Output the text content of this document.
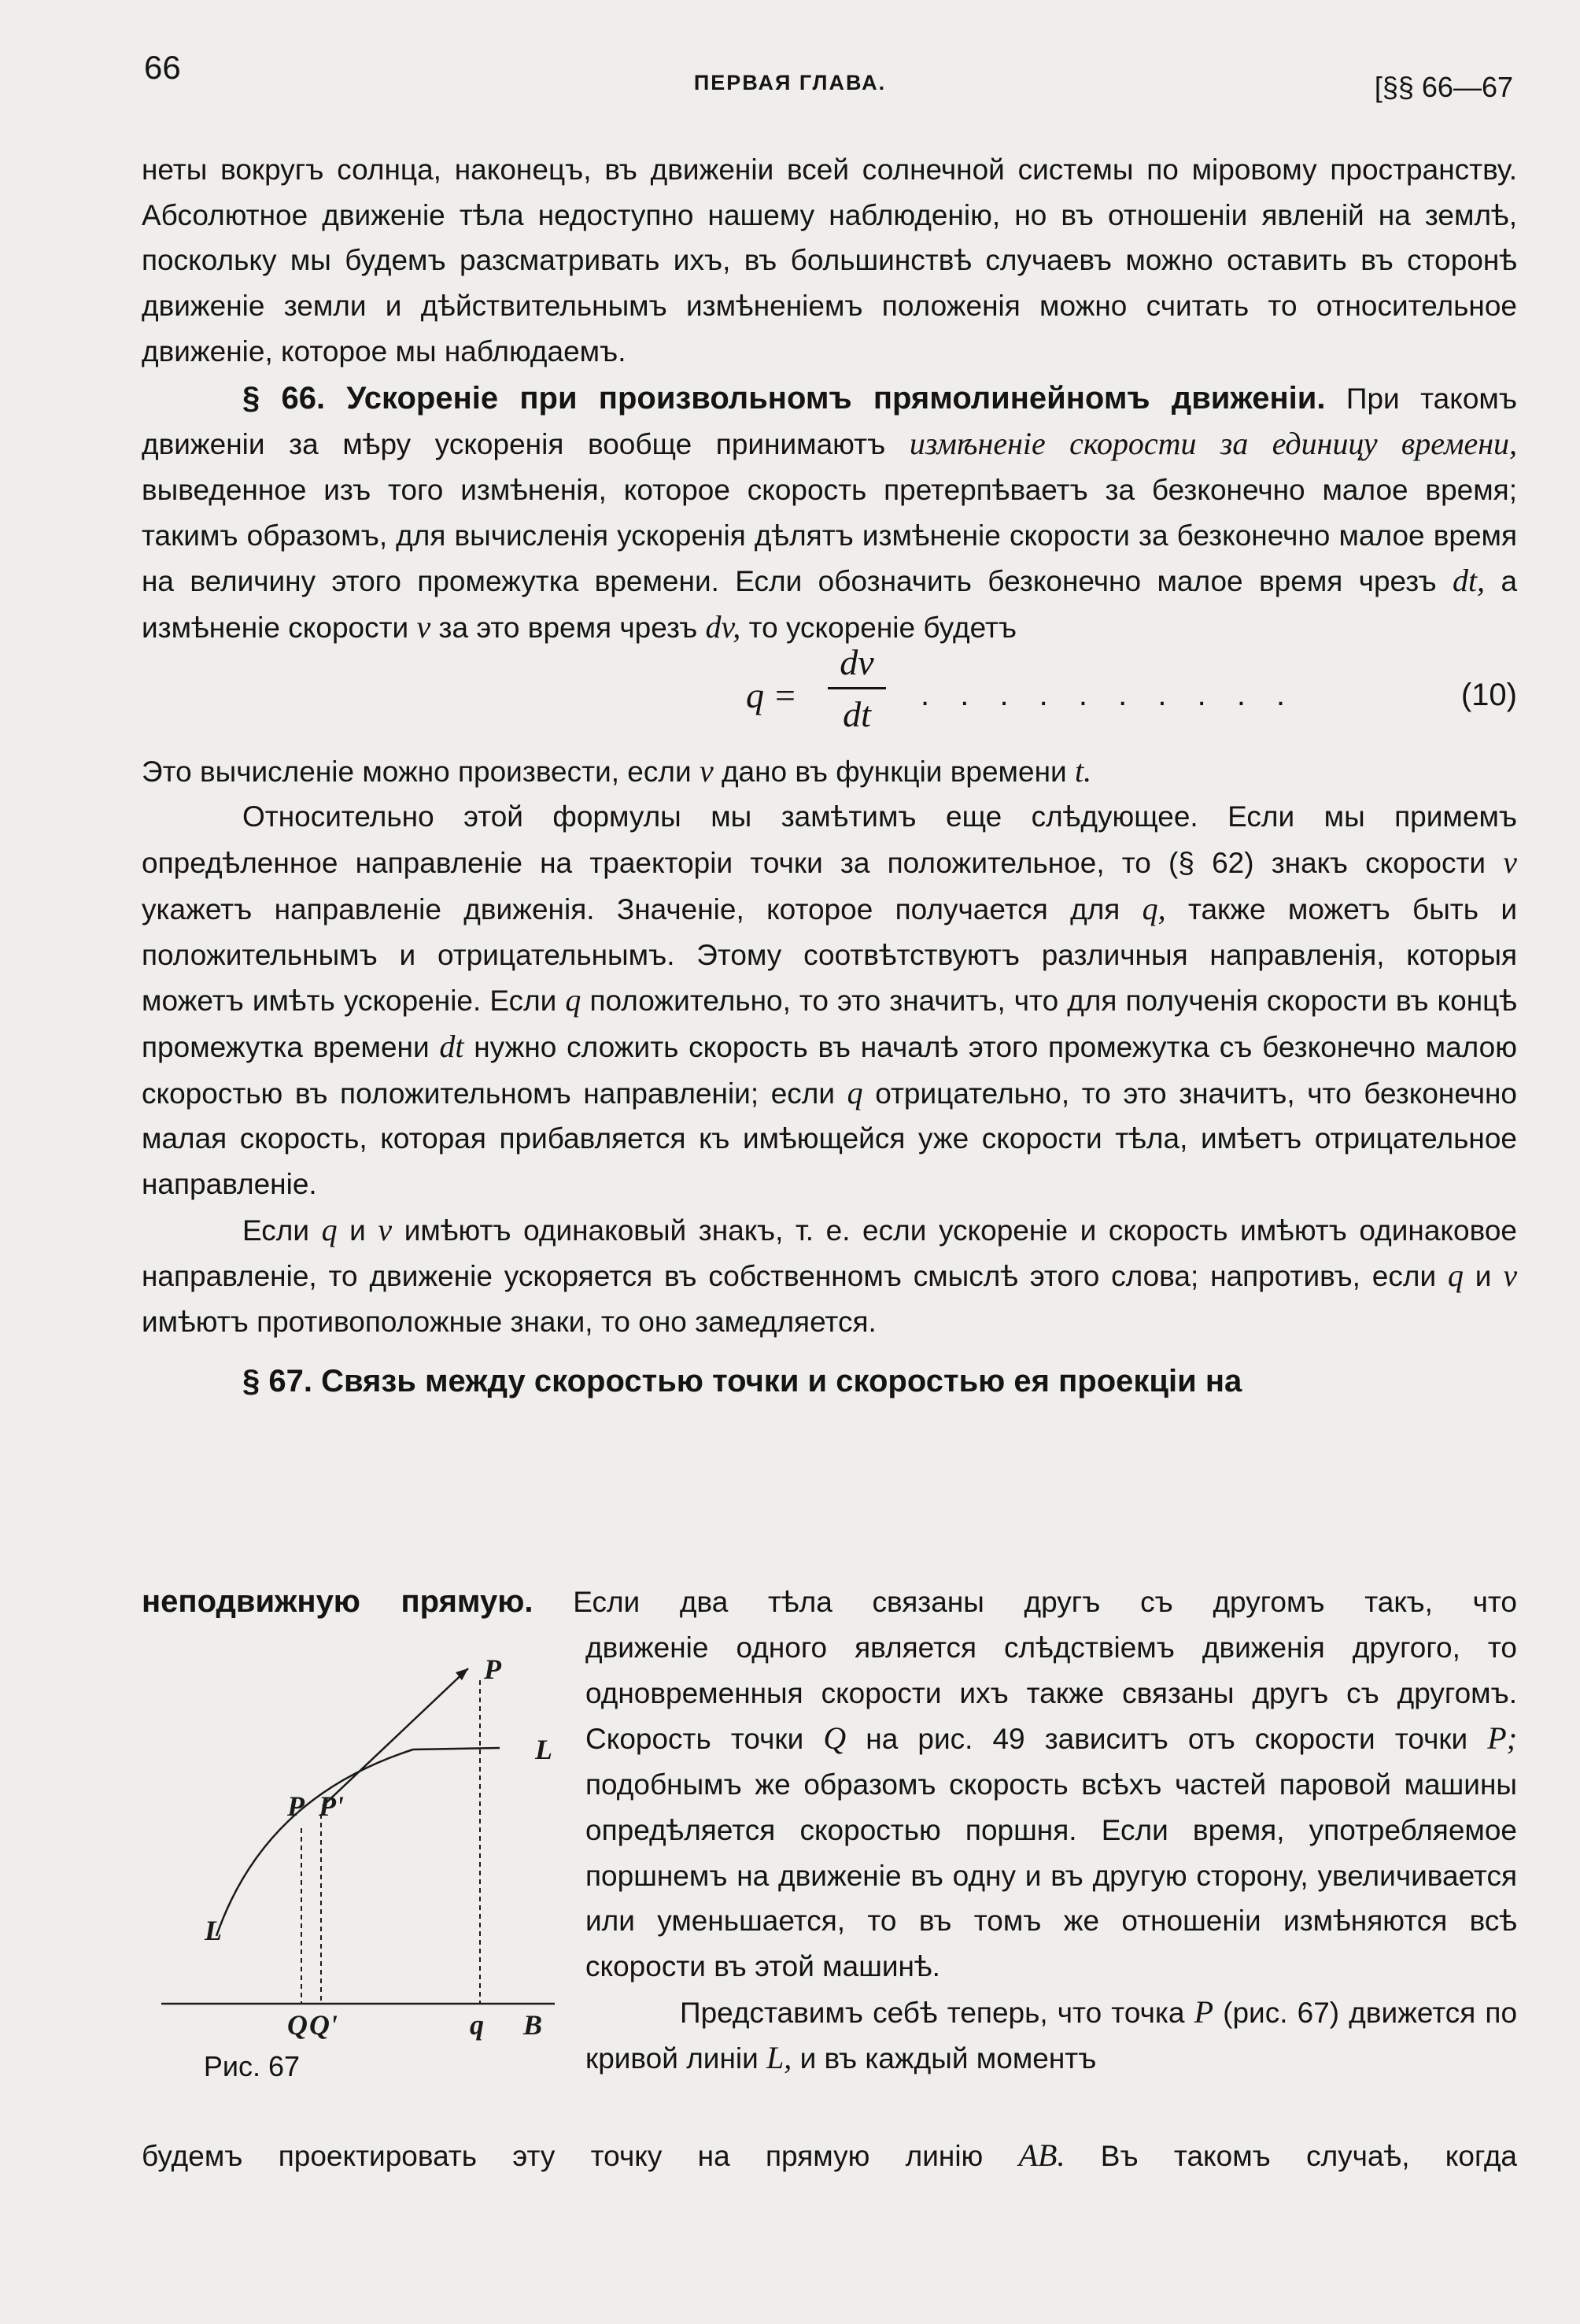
66	ПЕРВАЯ ГЛАВА.	[§§ 66—67

неты вокругъ солнца, наконецъ, въ движеніи всей солнечной системы по міровому пространству. Абсолютное движеніе тѣла недоступно нашему наблюденію, но въ отношеніи явленій на землѣ, поскольку мы будемъ разсматривать ихъ, въ большинствѣ случаевъ можно оставить въ сторонѣ движеніе земли и дѣйствительнымъ измѣненіемъ положенія можно считать то относительное движеніе, которое мы наблюдаемъ.

§ 66. Ускореніе при произвольномъ прямолинейномъ движеніи. При такомъ движеніи за мѣру ускоренія вообще принимаютъ измѣненіе скорости за единицу времени, выведенное изъ того измѣненія, которое скорость претерпѣваетъ за безконечно малое время; такимъ образомъ, для вычисленія ускоренія дѣлятъ измѣненіе скорости за безконечно малое время на величину этого промежутка времени. Если обозначить безконечно малое время чрезъ dt, а измѣненіе скорости v за это время чрезъ dv, то ускореніе будетъ

q =
dv
dt	. . . . . . . . . .	(10)

Это вычисленіе можно произвести, если v дано въ функціи времени t.

Относительно этой формулы мы замѣтимъ еще слѣдующее. Если мы примемъ опредѣленное направленіе на траекторіи точки за положительное, то (§ 62) знакъ скорости v укажетъ направленіе движенія. Значеніе, которое получается для q, также можетъ быть и положительнымъ и отрицательнымъ. Этому соотвѣтствуютъ различныя направленія, которыя можетъ имѣть ускореніе. Если q положительно, то это значитъ, что для полученія скорости въ концѣ промежутка времени dt нужно сложить скорость въ началѣ этого промежутка съ безконечно малою скоростью въ положительномъ направленіи; если q отрицательно, то это значитъ, что безконечно малая скорость, которая прибавляется къ имѣющейся уже скорости тѣла, имѣетъ отрицательное направленіе.

Если q и v имѣютъ одинаковый знакъ, т. е. если ускореніе и скорость имѣютъ одинаковое направленіе, то движеніе ускоряется въ собственномъ смыслѣ этого слова; напротивъ, если q и v имѣютъ противоположные знаки, то оно замедляется.

§ 67. Связь между скоростью точки и скоростью ея проекціи на

неподвижную прямую. Если два тѣла связаны другъ съ другомъ такъ, что

движеніе одного является слѣдствіемъ движенія другого, то одновременныя скорости ихъ также связаны другъ съ другомъ. Скорость точки Q на рис. 49 зависитъ отъ скорости точки P; подобнымъ же образомъ скорость всѣхъ частей паровой машины опредѣляется скоростью поршня. Если время, употребляемое поршнемъ на движеніе въ одну и въ другую сторону, увеличивается или уменьшается, то въ томъ же отношеніи измѣняются всѣ скорости въ этой машинѣ.

Представимъ себѣ теперь, что точка P (рис. 67) движется по кривой линіи L, и въ каждый моментъ

P
L
P P'
L
Q Q'	q B
Рис. 67
будемъ проектировать эту точку на прямую линію AB. Въ такомъ случаѣ, когда
